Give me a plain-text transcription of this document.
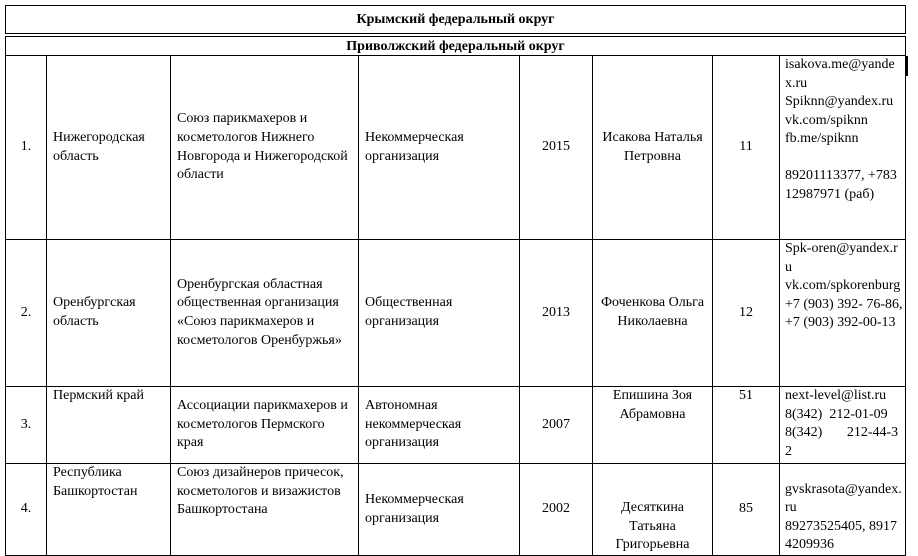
Крымский федеральный округ
Приволжский федеральный округ
1.	Нижегородская область	Союз парикмахеров и косметологов Нижнего Новгорода и Нижегородской области	Некоммерческая организация	2015	Исакова Наталья Петровна	11	isakova.me@yandex.ru
Spiknn@yandex.ru
vk.com/spiknn
fb.me/spiknn
89201113377, +78312987971 (раб)

2.	Оренбургская область	Оренбургская областная общественная организация «Союз парикмахеров и косметологов Оренбуржья»	Общественная организация	2013	Фоченкова Ольга Николаевна	12	Spk-oren@yandex.ru
vk.com/spkorenburg
+7 (903) 392- 76-86,
+7 (903) 392-00-13

3.	Пермский край	Ассоциации парикмахеров и косметологов Пермского края	Автономная некоммерческая организация	2007	Епишина Зоя Абрамовна	51	next-level@list.ru
8(342)  212-01-09
8(342)       212-44-32

4.	Республика Башкортостан	Союз дизайнеров причесок, косметологов и визажистов Башкортостана	Некоммерческая организация	2002	Десяткина Татьяна Григорьевна	85	gvskrasota@yandex.ru
89273525405, 89174209936
